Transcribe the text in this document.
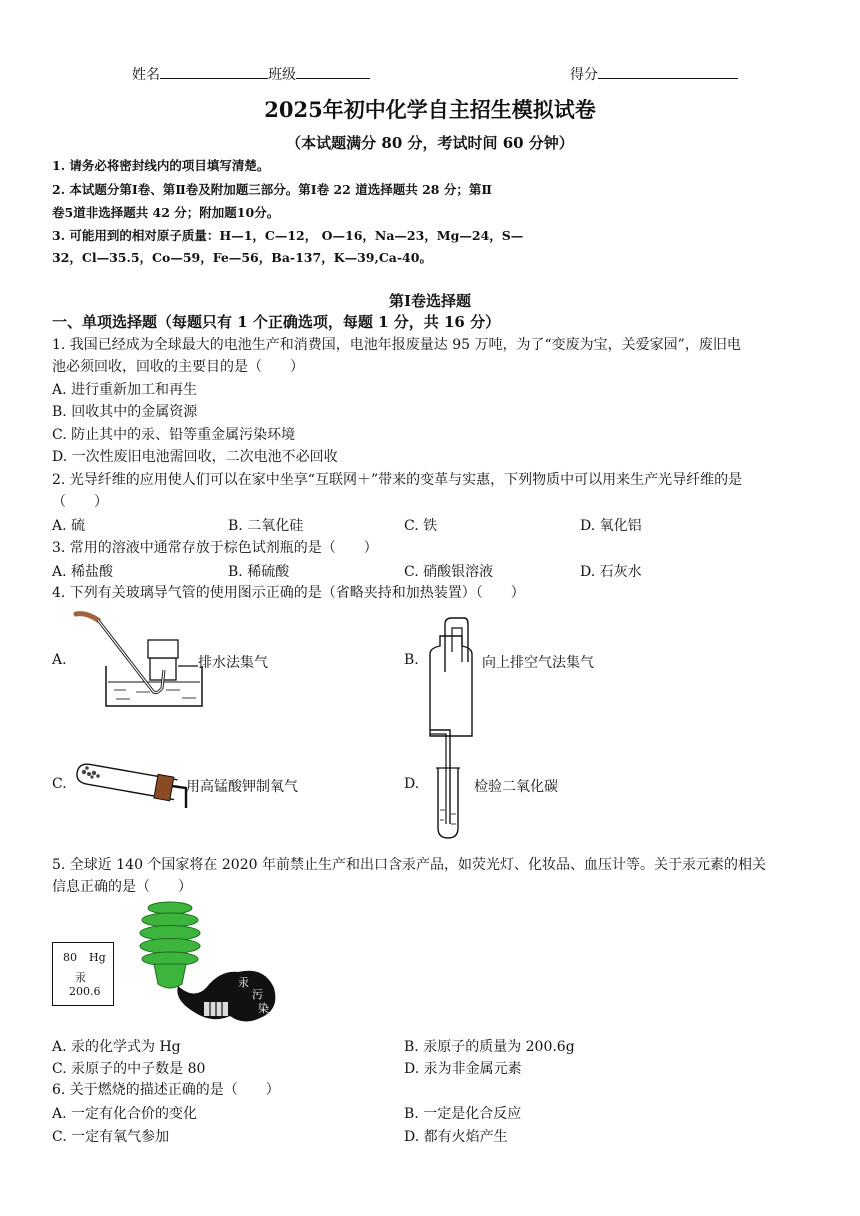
姓名	班级	得分
2025年初中化学自主招生模拟试卷
（本试题满分 80 分，考试时间 60 分钟）
1. 请务必将密封线内的项目填写清楚。
2. 本试题分第Ⅰ卷、第Ⅱ卷及附加题三部分。第Ⅰ卷 22 道选择题共 28 分；第Ⅱ
卷5道非选择题共 42 分；附加题10分。
3. 可能用到的相对原子质量：H—1，C—12， O—16，Na—23，Mg—24，S—
32，Cl—35.5，Co—59，Fe—56，Ba-137，K—39,Ca-40。
第Ⅰ卷选择题
一、单项选择题（每题只有 1 个正确选项，每题 1 分，共 16 分）
1. 我国已经成为全球最大的电池生产和消费国，电池年报废量达 95 万吨，为了“变废为宝，关爱家园”，废旧电
池必须回收，回收的主要目的是（　　）
A. 进行重新加工和再生
B. 回收其中的金属资源
C. 防止其中的汞、铅等重金属污染环境
D. 一次性废旧电池需回收，二次电池不必回收
2. 光导纤维的应用使人们可以在家中坐享“互联网＋”带来的变革与实惠，下列物质中可以用来生产光导纤维的是
（　　）
A. 硫	B. 二氧化硅	C. 铁	D. 氧化铝
3. 常用的溶液中通常存放于棕色试剂瓶的是（　　）
A. 稀盐酸	B. 稀硫酸	C. 硝酸银溶液	D. 石灰水
4. 下列有关玻璃导气管的使用图示正确的是（省略夹持和加热装置）（　　）
A.	排水法集气	B.	向上排空气法集气
C.	用高锰酸钾制氧气	D.	检验二氧化碳
5. 全球近 140 个国家将在 2020 年前禁止生产和出口含汞产品，如荧光灯、化妆品、血压计等。关于汞元素的相关
信息正确的是（　　）
80 Hg
汞
200.6
汞
污
染
A. 汞的化学式为 Hg	B. 汞原子的质量为 200.6g
C. 汞原子的中子数是 80	D. 汞为非金属元素
6. 关于燃烧的描述正确的是（　　）
A. 一定有化合价的变化	B. 一定是化合反应
C. 一定有氧气参加	D. 都有火焰产生
